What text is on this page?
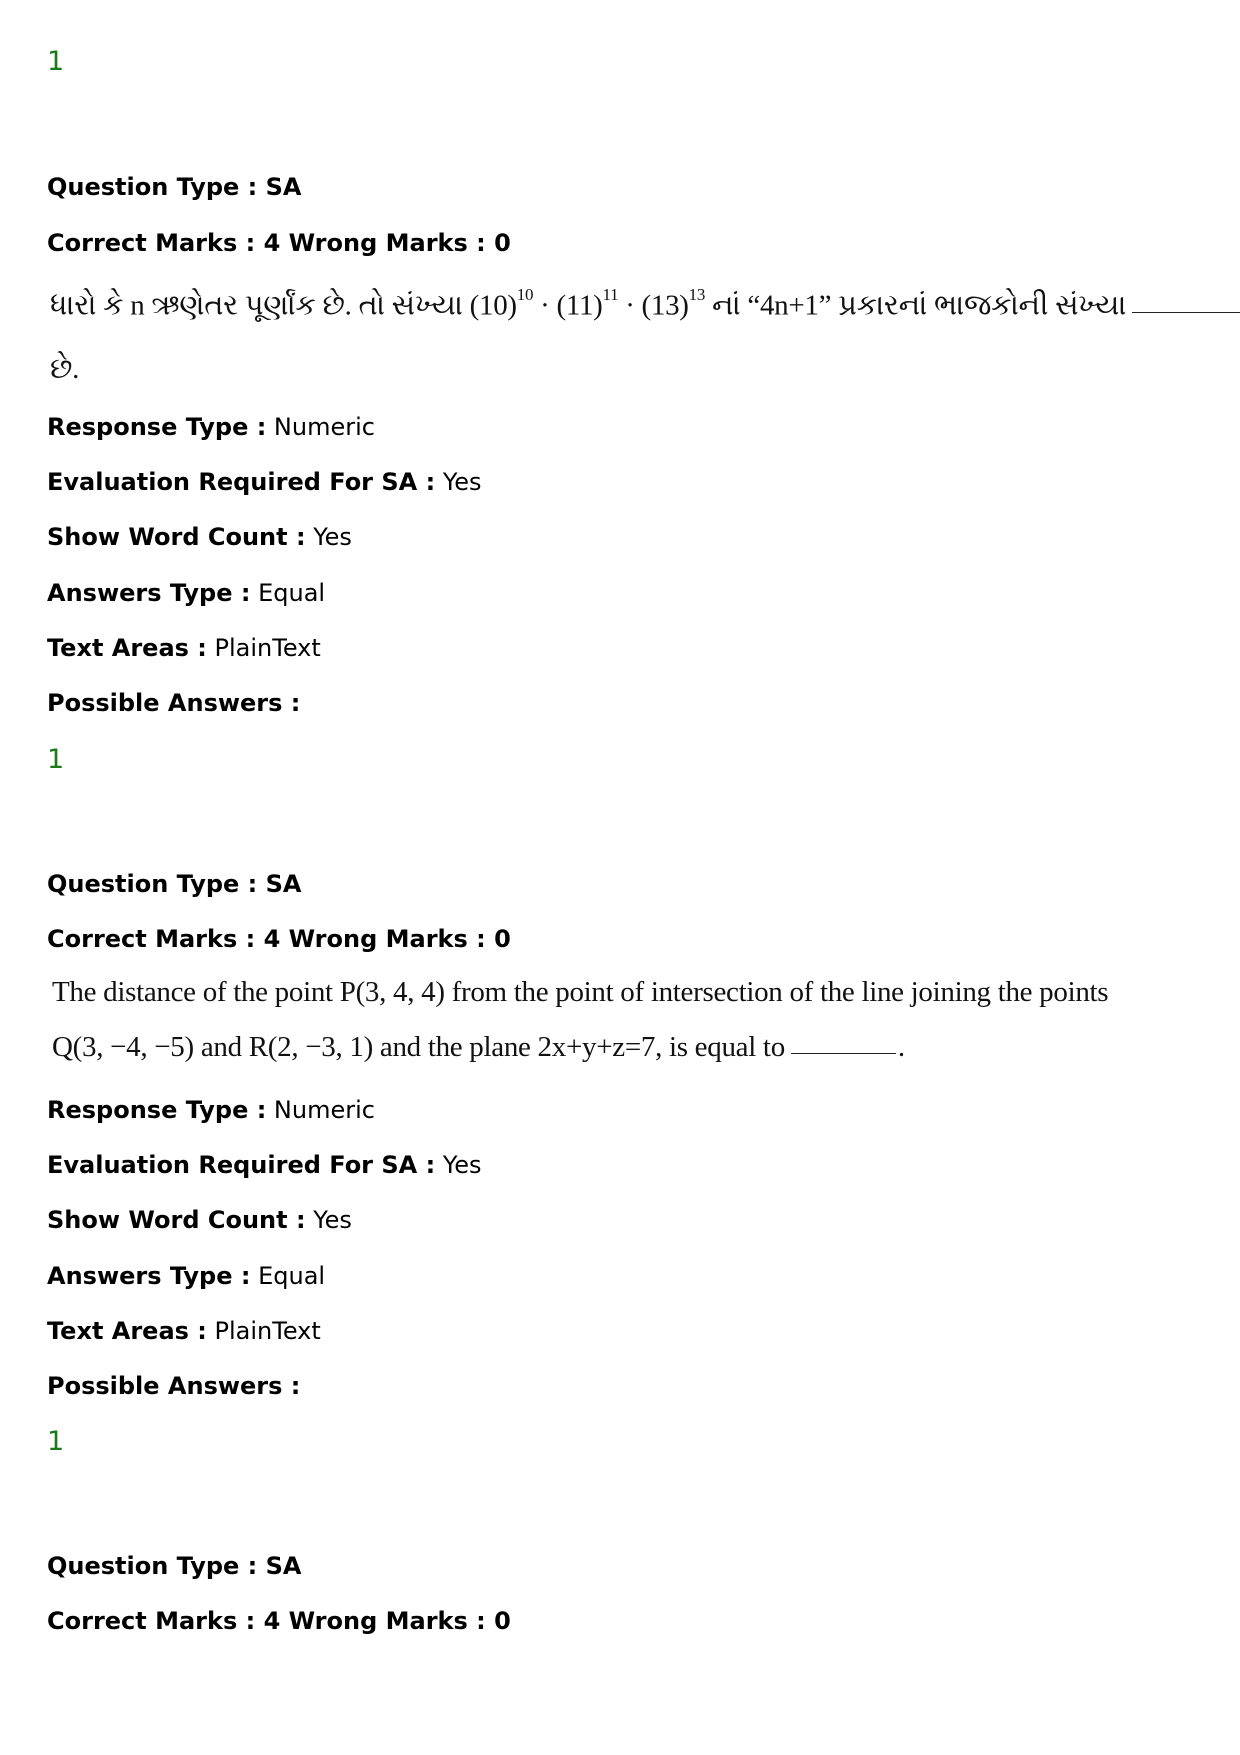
1
Question Type : SA
Correct Marks : 4 Wrong Marks : 0
ધારો કે n ઋણેતર પૂર્ણાંક છે. તો સંખ્યા $(10)^{10} \cdot (11)^{11} \cdot (13)^{13}$ નાં “4n+1” પ્રકારનાં ભાજકોની સંખ્યા
છે.
Response Type : Numeric
Evaluation Required For SA : Yes
Show Word Count : Yes
Answers Type : Equal
Text Areas : PlainText
Possible Answers :
1
Question Type : SA
Correct Marks : 4 Wrong Marks : 0
The distance of the point P(3, 4, 4) from the point of intersection of the line joining the points
Q(3, −4, −5) and R(2, −3, 1) and the plane 2x+y+z=7, is equal to	.
Response Type : Numeric
Evaluation Required For SA : Yes
Show Word Count : Yes
Answers Type : Equal
Text Areas : PlainText
Possible Answers :
1
Question Type : SA
Correct Marks : 4 Wrong Marks : 0
